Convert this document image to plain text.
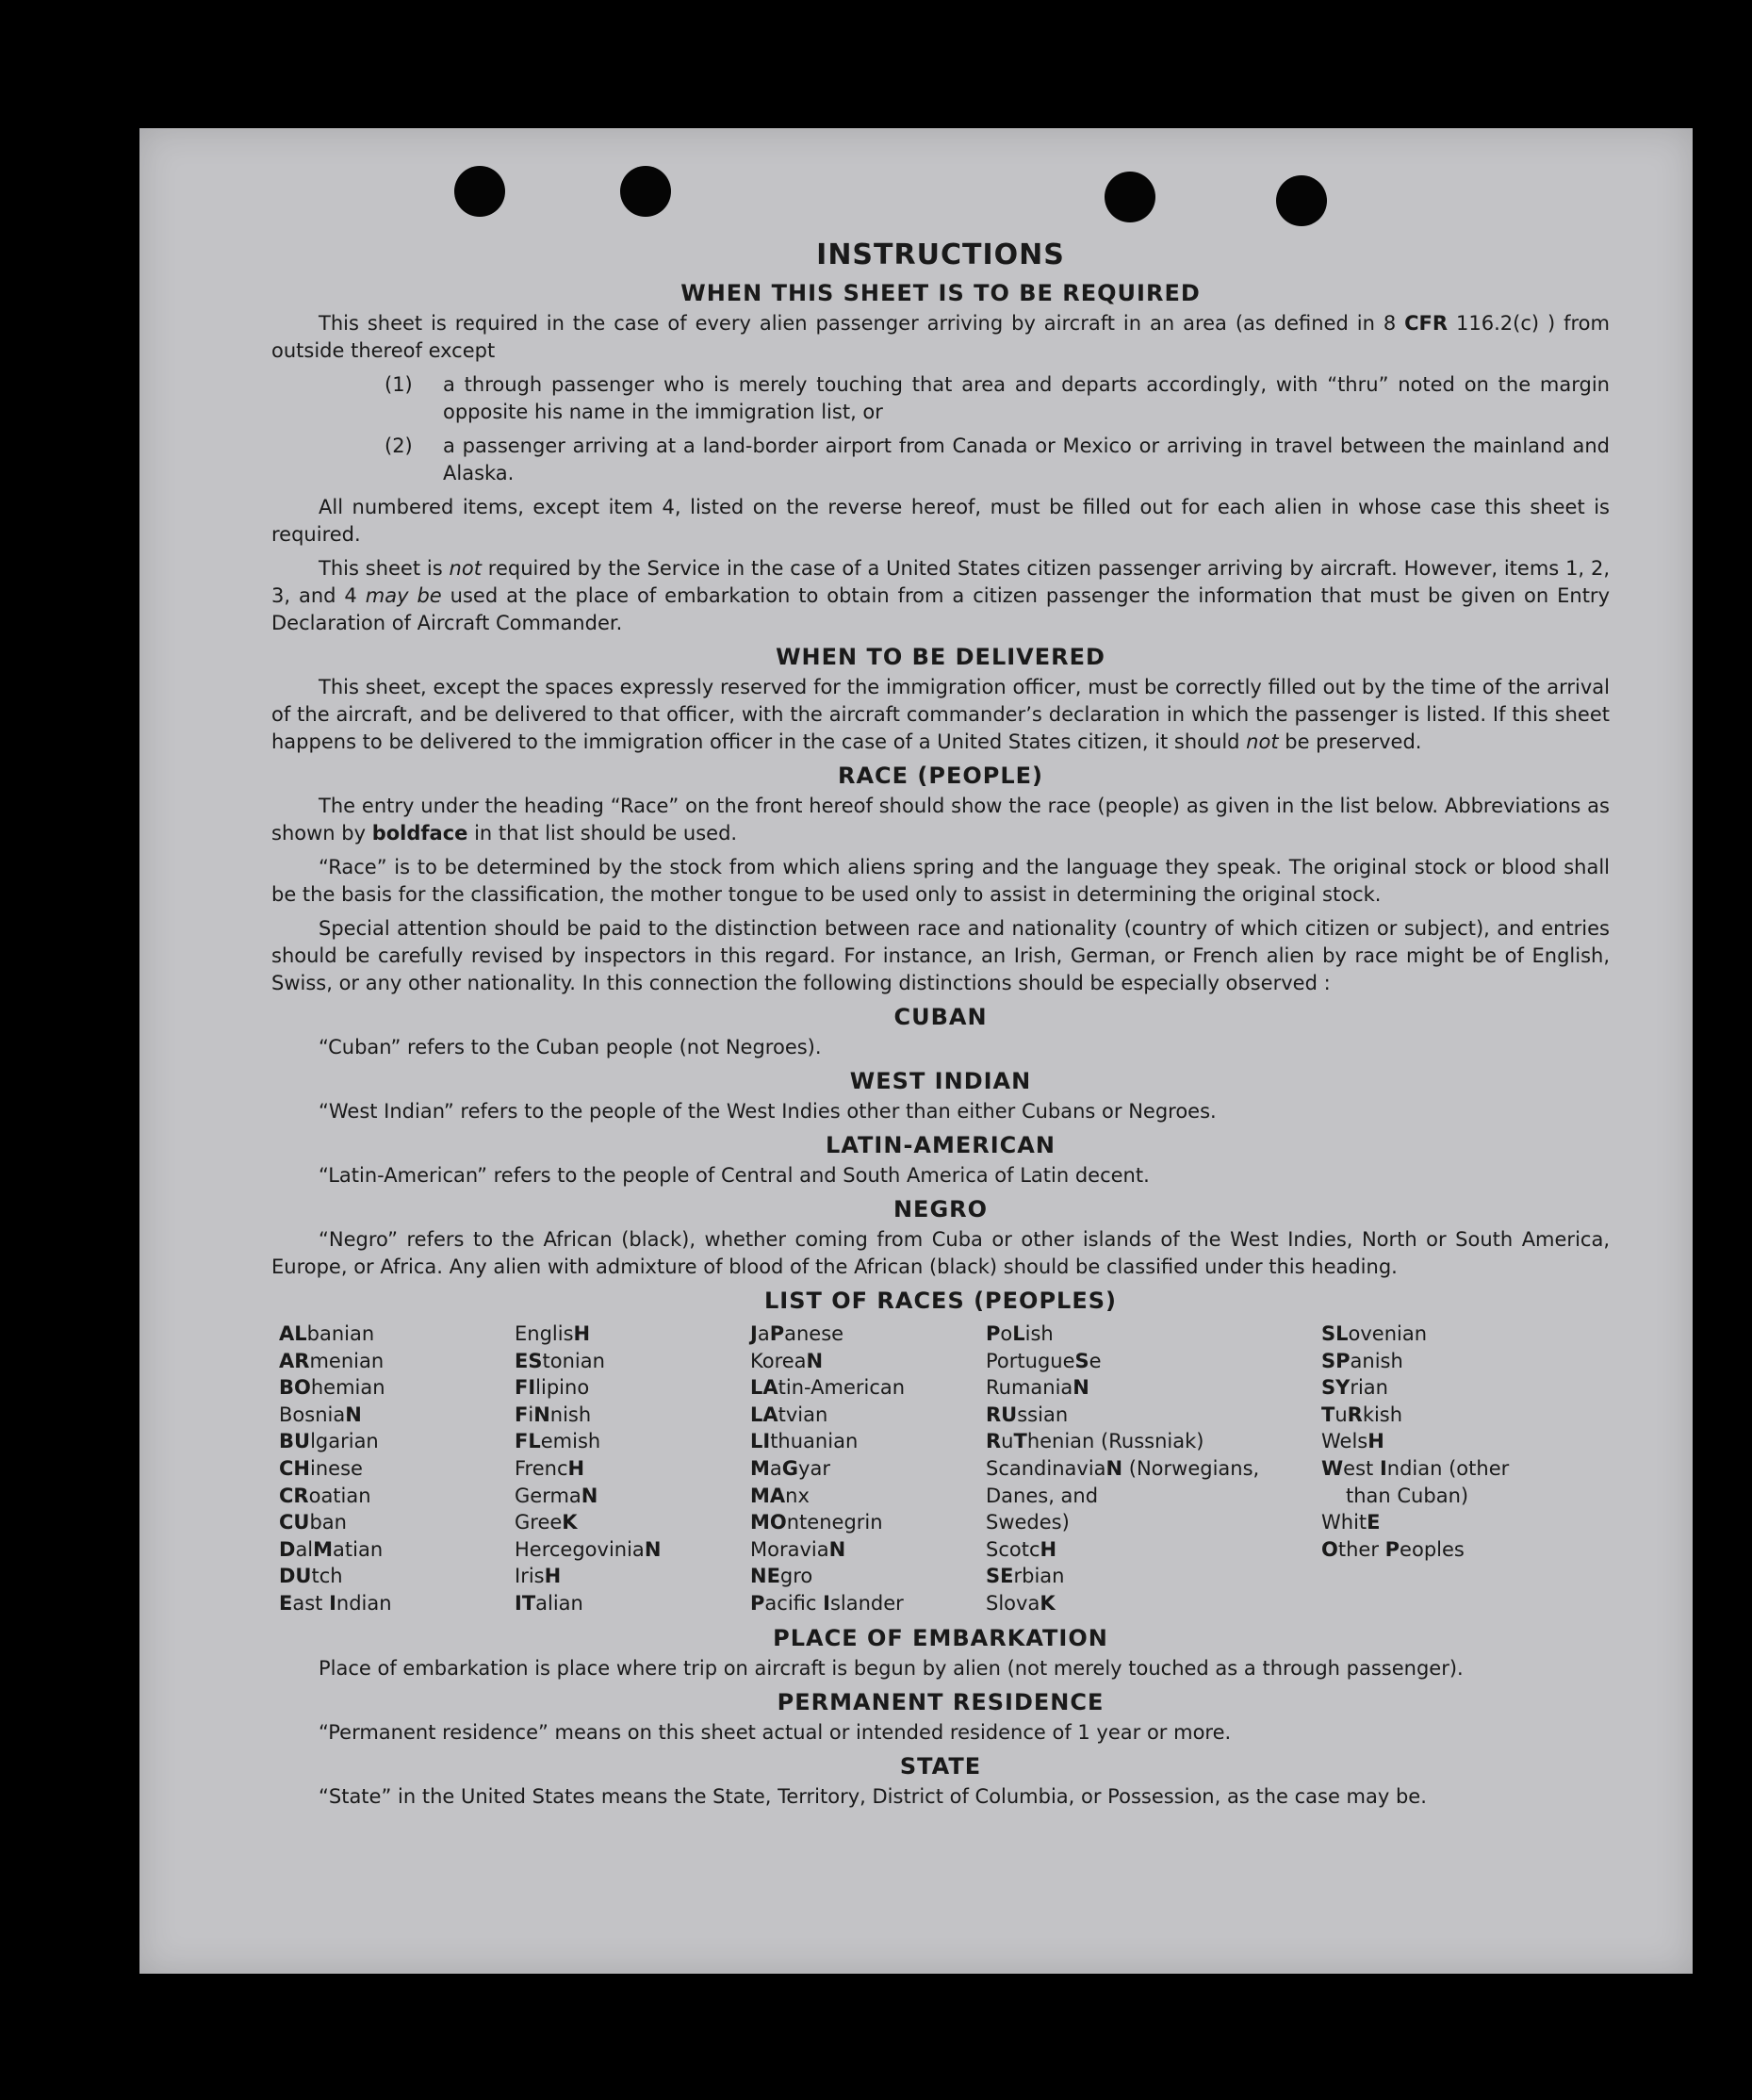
INSTRUCTIONS
WHEN THIS SHEET IS TO BE REQUIRED

This sheet is required in the case of every alien passenger arriving by aircraft in an area (as defined in 8 CFR 116.2(c) ) from outside thereof except

(1)	a through passenger who is merely touching that area and departs accordingly, with “thru” noted on the margin opposite his name in the immigration list, or
(2)	a passenger arriving at a land-border airport from Canada or Mexico or arriving in travel between the mainland and Alaska.

All numbered items, except item 4, listed on the reverse hereof, must be filled out for each alien in whose case this sheet is required.

This sheet is not required by the Service in the case of a United States citizen passenger arriving by aircraft. However, items 1, 2, 3, and 4 may be used at the place of embarkation to obtain from a citizen passenger the information that must be given on Entry Declaration of Aircraft Commander.

WHEN TO BE DELIVERED

This sheet, except the spaces expressly reserved for the immigration officer, must be correctly filled out by the time of the arrival of the aircraft, and be delivered to that officer, with the aircraft commander’s declaration in which the passenger is listed. If this sheet happens to be delivered to the immigration officer in the case of a United States citizen, it should not be preserved.

RACE (PEOPLE)

The entry under the heading “Race” on the front hereof should show the race (people) as given in the list below. Abbreviations as shown by boldface in that list should be used.

“Race” is to be determined by the stock from which aliens spring and the language they speak. The original stock or blood shall be the basis for the classification, the mother tongue to be used only to assist in determining the original stock.

Special attention should be paid to the distinction between race and nationality (country of which citizen or subject), and entries should be carefully revised by inspectors in this regard. For instance, an Irish, German, or French alien by race might be of English, Swiss, or any other nationality. In this connection the following distinctions should be especially observed :

CUBAN

“Cuban” refers to the Cuban people (not Negroes).

WEST INDIAN

“West Indian” refers to the people of the West Indies other than either Cubans or Negroes.

LATIN-AMERICAN

“Latin-American” refers to the people of Central and South America of Latin decent.

NEGRO

“Negro” refers to the African (black), whether coming from Cuba or other islands of the West Indies, North or South America, Europe, or Africa. Any alien with admixture of blood of the African (black) should be classified under this heading.

LIST OF RACES (PEOPLES)
ALbanian
ARmenian
BOhemian
BosniaN
BUlgarian
CHinese
CRoatian
CUban
DalMatian
DUtch
East Indian
EnglisH
EStonian
FIlipino
FiNnish
FLemish
FrencH
GermaN
GreeK
HercegoviniaN
IrisH
ITalian
JaPanese
KoreaN
LAtin-American
LAtvian
LIthuanian
MaGyar
MAnx
MOntenegrin
MoraviaN
NEgro
Pacific Islander
PoLish
PortugueSe
RumaniaN
RUssian
RuThenian (Russniak)
ScandinaviaN (Norwegians,
Danes, and
Swedes)
ScotcH
SErbian
SlovaK
SLovenian
SPanish
SYrian
TuRkish
WelsH
West Indian (other
than Cuban)
WhitE
Other Peoples
PLACE OF EMBARKATION

Place of embarkation is place where trip on aircraft is begun by alien (not merely touched as a through passenger).

PERMANENT RESIDENCE

“Permanent residence” means on this sheet actual or intended residence of 1 year or more.

STATE

“State” in the United States means the State, Territory, District of Columbia, or Possession, as the case may be.
